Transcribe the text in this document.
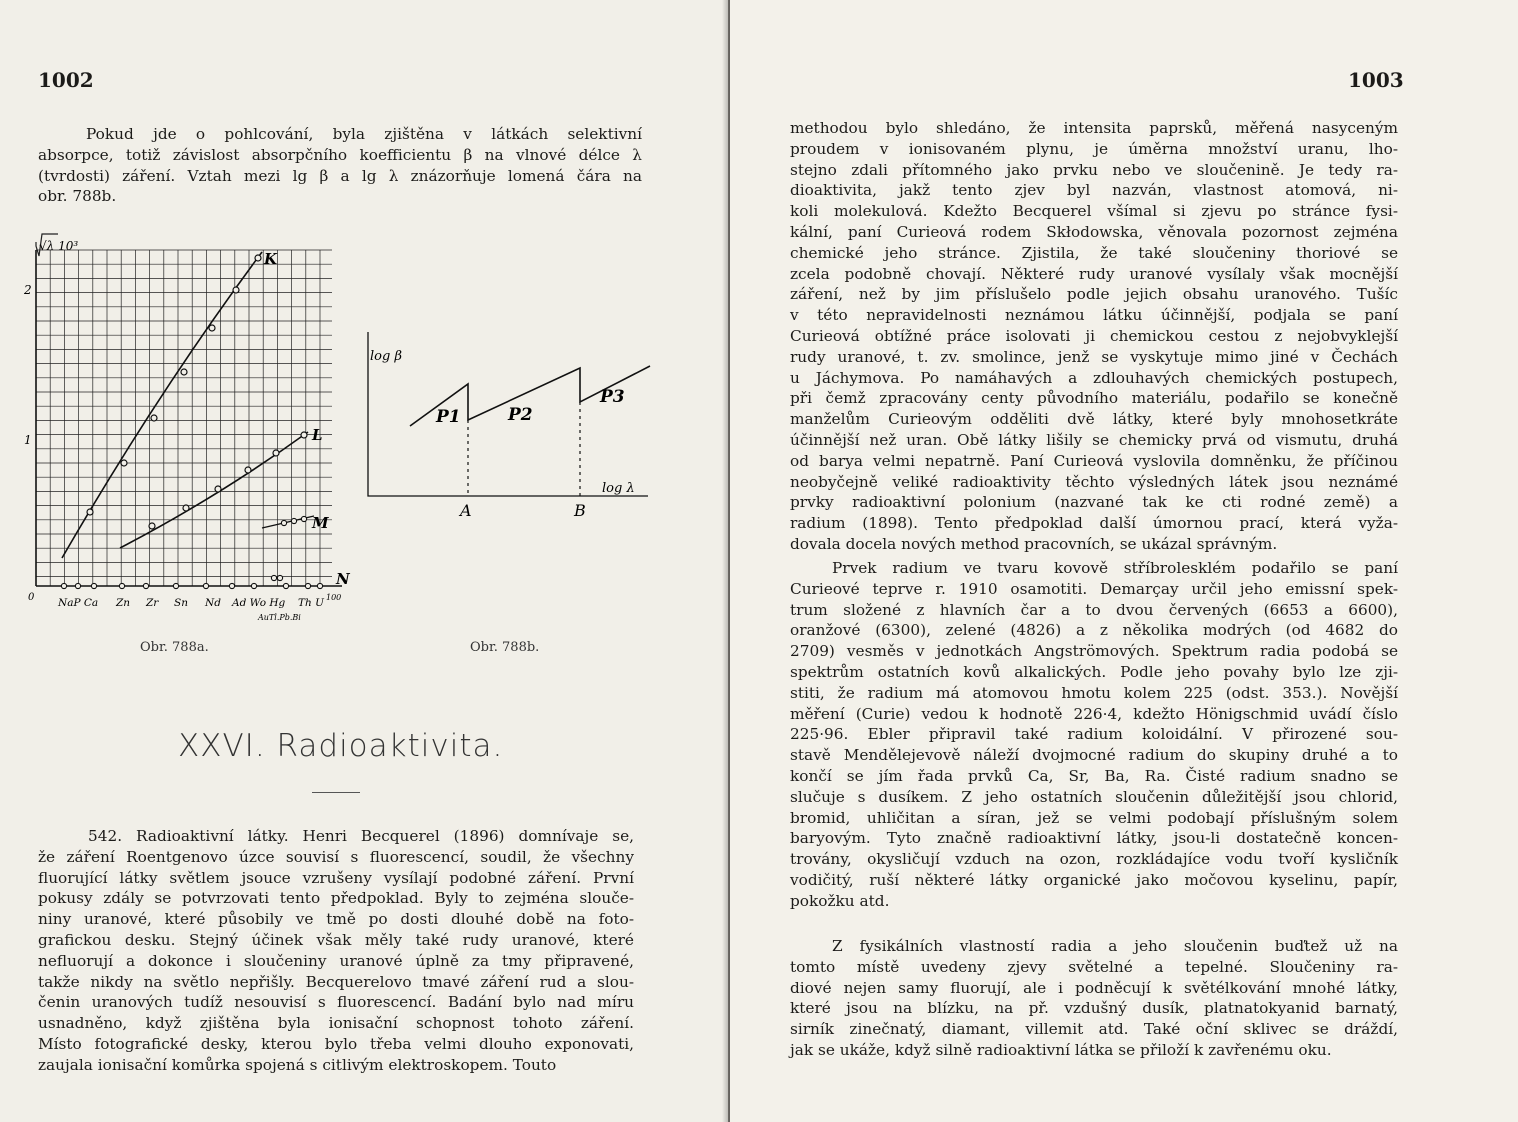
1002
Pokud jde o pohlcování, byla zjištěna v látkách selektivní
absorpce, totiž závislost absorpčního koefficientu β na vlnové délce λ
(tvrdosti) záření. Vztah mezi lg β a lg λ znázorňuje lomená čára na
obr. 788b.
√λ 10³
2
1
0
K
L
M
N
NaP Ca Zn Zr Sn Nd Ad Wo Hg Th U 100
AuTl.Pb.Bi
log β
log λ
P1	P2
P3
A	B
Obr. 788a.	Obr. 788b.
XXVI. Radioaktivita.
542. Radioaktivní látky. Henri Becquerel (1896) domnívaje se,
že záření Roentgenovo úzce souvisí s fluorescencí, soudil, že všechny
fluorující látky světlem jsouce vzrušeny vysílají podobné záření. První
pokusy zdály se potvrzovati tento předpoklad. Byly to zejména slouče-
niny uranové, které působily ve tmě po dosti dlouhé době na foto-
grafickou desku. Stejný účinek však měly také rudy uranové, které
nefluorují a dokonce i sloučeniny uranové úplně za tmy připravené,
takže nikdy na světlo nepřišly. Becquerelovo tmavé záření rud a slou-
čenin uranových tudíž nesouvisí s fluorescencí. Badání bylo nad míru
usnadněno, když zjištěna byla ionisační schopnost tohoto záření.
Místo fotografické desky, kterou bylo třeba velmi dlouho exponovati,
zaujala ionisační komůrka spojená s citlivým elektroskopem. Touto
1003
methodou bylo shledáno, že intensita paprsků, měřená nasyceným
proudem v ionisovaném plynu, je úměrna množství uranu, lho-
stejno zdali přítomného jako prvku nebo ve sloučenině. Je tedy ra-
dioaktivita, jakž tento zjev byl nazván, vlastnost atomová, ni-
koli molekulová. Kdežto Becquerel všímal si zjevu po stránce fysi-
kální, paní Curieová rodem Skłodowska, věnovala pozornost zejména
chemické jeho stránce. Zjistila, že také sloučeniny thoriové se
zcela podobně chovají. Některé rudy uranové vysílaly však mocnější
záření, než by jim příslušelo podle jejich obsahu uranového. Tušíc
v této nepravidelnosti neznámou látku účinnější, podjala se paní
Curieová obtížné práce isolovati ji chemickou cestou z nejobvyklejší
rudy uranové, t. zv. smolince, jenž se vyskytuje mimo jiné v Čechách
u Jáchymova. Po namáhavých a zdlouhavých chemických postupech,
při čemž zpracovány centy původního materiálu, podařilo se konečně
manželům Curieovým odděliti dvě látky, které byly mnohosetkráte
účinnější než uran. Obě látky lišily se chemicky prvá od vismutu, druhá
od barya velmi nepatrně. Paní Curieová vyslovila domněnku, že příčinou
neobyčejně veliké radioaktivity těchto výsledných látek jsou neznámé
prvky radioaktivní polonium (nazvané tak ke cti rodné země) a
radium (1898). Tento předpoklad další úmornou prací, která vyža-
dovala docela nových method pracovních, se ukázal správným.
Prvek radium ve tvaru kovově stříbrolesklém podařilo se paní
Curieové teprve r. 1910 osamotiti. Demarçay určil jeho emissní spek-
trum složené z hlavních čar a to dvou červených (6653 a 6600),
oranžové (6300), zelené (4826) a z několika modrých (od 4682 do
2709) vesměs v jednotkách Angströmových. Spektrum radia podobá se
spektrům ostatních kovů alkalických. Podle jeho povahy bylo lze zji-
stiti, že radium má atomovou hmotu kolem 225 (odst. 353.). Novější
měření (Curie) vedou k hodnotě 226·4, kdežto Hönigschmid uvádí číslo
225·96. Ebler připravil také radium koloidální. V přirozené sou-
stavě Mendělejevově náleží dvojmocné radium do skupiny druhé a to
končí se jím řada prvků Ca, Sr, Ba, Ra. Čisté radium snadno se
slučuje s dusíkem. Z jeho ostatních sloučenin důležitější jsou chlorid,
bromid, uhličitan a síran, jež se velmi podobají příslušným solem
baryovým. Tyto značně radioaktivní látky, jsou-li dostatečně koncen-
trovány, okysličují vzduch na ozon, rozkládajíce vodu tvoří kysličník
vodičitý, ruší některé látky organické jako močovou kyselinu, papír,
pokožku atd.
Z fysikálních vlastností radia a jeho sloučenin buďtež už na
tomto místě uvedeny zjevy světelné a tepelné. Sloučeniny ra-
diové nejen samy fluorují, ale i podněcují k světélkování mnohé látky,
které jsou na blízku, na př. vzdušný dusík, platnatokyanid barnatý,
sirník zinečnatý, diamant, villemit atd. Také oční sklivec se dráždí,
jak se ukáže, když silně radioaktivní látka se přiloží k zavřenému oku.
